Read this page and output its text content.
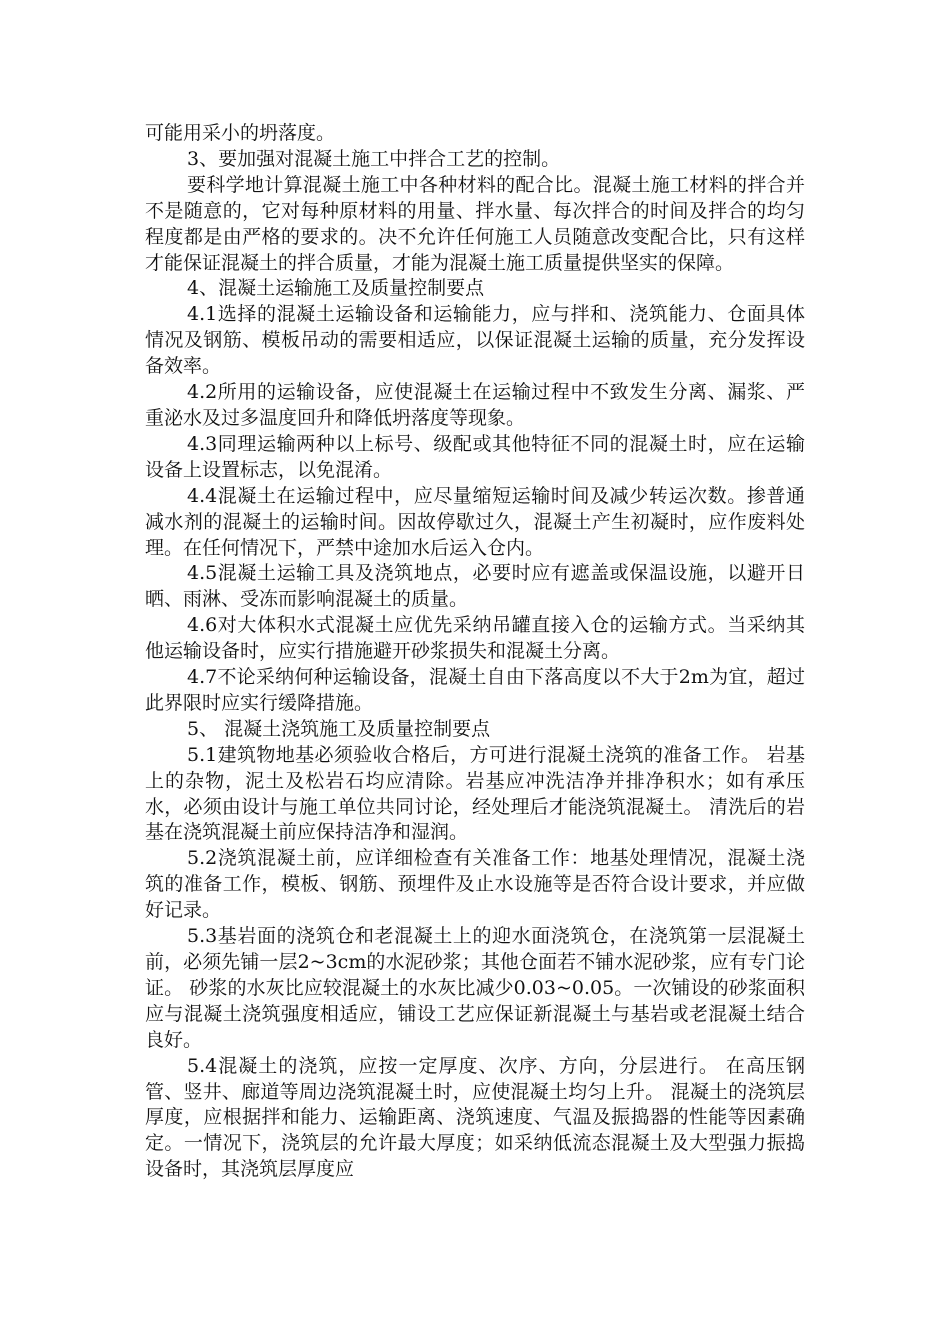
可能用采小的坍落度。

3、要加强对混凝土施工中拌合工艺的控制。

要科学地计算混凝土施工中各种材料的配合比。混凝土施工材料的拌合并不是随意的，它对每种原材料的用量、拌水量、每次拌合的时间及拌合的均匀程度都是由严格的要求的。决不允许任何施工人员随意改变配合比，只有这样才能保证混凝土的拌合质量，才能为混凝土施工质量提供坚实的保障。

4、混凝土运输施工及质量控制要点

4.1选择的混凝土运输设备和运输能力，应与拌和、浇筑能力、仓面具体情况及钢筋、模板吊动的需要相适应，以保证混凝土运输的质量，充分发挥设备效率。

4.2所用的运输设备，应使混凝土在运输过程中不致发生分离、漏浆、严重泌水及过多温度回升和降低坍落度等现象。

4.3同理运输两种以上标号、级配或其他特征不同的混凝土时，应在运输设备上设置标志，以免混淆。

4.4混凝土在运输过程中，应尽量缩短运输时间及减少转运次数。掺普通减水剂的混凝土的运输时间。因故停歇过久，混凝土产生初凝时，应作废料处理。在任何情况下，严禁中途加水后运入仓内。

4.5混凝土运输工具及浇筑地点，必要时应有遮盖或保温设施，以避开日晒、雨淋、受冻而影响混凝土的质量。

4.6对大体积水式混凝土应优先采纳吊罐直接入仓的运输方式。当采纳其他运输设备时，应实行措施避开砂浆损失和混凝土分离。

4.7不论采纳何种运输设备，混凝土自由下落高度以不大于2m为宜，超过此界限时应实行缓降措施。

5、 混凝土浇筑施工及质量控制要点

5.1建筑物地基必须验收合格后，方可进行混凝土浇筑的准备工作。 岩基上的杂物，泥土及松岩石均应清除。岩基应冲洗洁净并排净积水；如有承压水，必须由设计与施工单位共同讨论，经处理后才能浇筑混凝土。 清洗后的岩基在浇筑混凝土前应保持洁净和湿润。

5.2浇筑混凝土前，应详细检查有关准备工作：地基处理情况，混凝土浇筑的准备工作，模板、钢筋、预埋件及止水设施等是否符合设计要求，并应做好记录。

5.3基岩面的浇筑仓和老混凝土上的迎水面浇筑仓，在浇筑第一层混凝土前，必须先铺一层2~3cm的水泥砂浆；其他仓面若不铺水泥砂浆，应有专门论证。 砂浆的水灰比应较混凝土的水灰比减少0.03~0.05。一次铺设的砂浆面积应与混凝土浇筑强度相适应，铺设工艺应保证新混凝土与基岩或老混凝土结合良好。

5.4混凝土的浇筑，应按一定厚度、次序、方向，分层进行。 在高压钢管、竖井、廊道等周边浇筑混凝土时，应使混凝土均匀上升。 混凝土的浇筑层厚度，应根据拌和能力、运输距离、浇筑速度、气温及振捣器的性能等因素确定。一情况下，浇筑层的允许最大厚度；如采纳低流态混凝土及大型强力振捣设备时，其浇筑层厚度应
